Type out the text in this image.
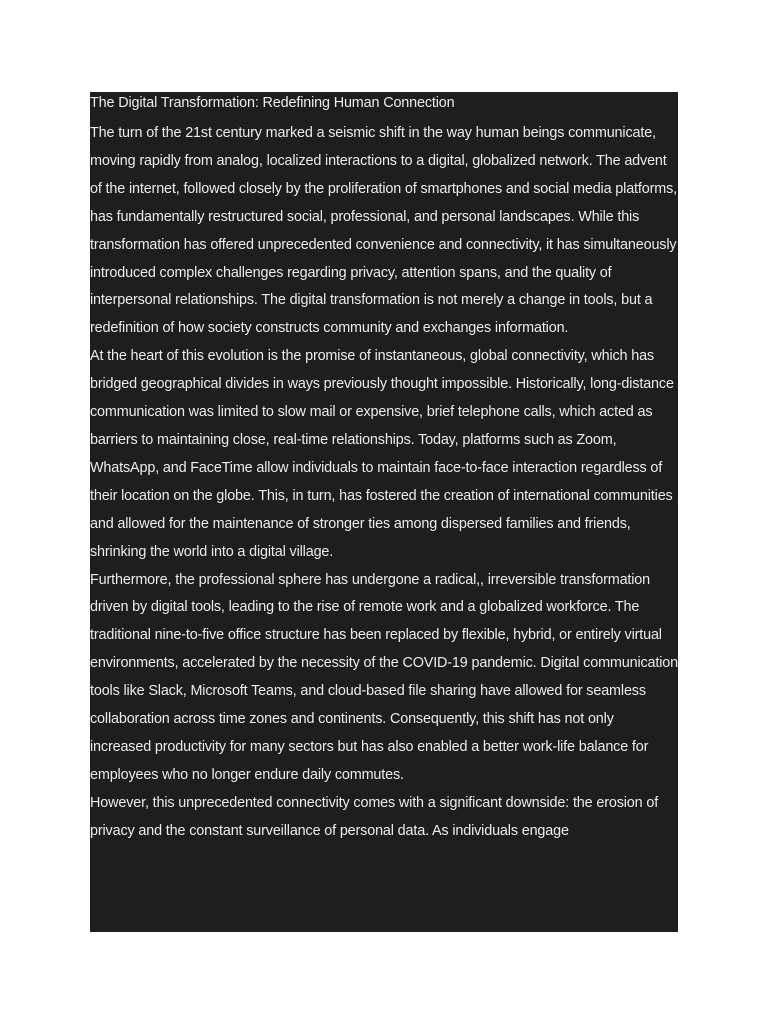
The Digital Transformation: Redefining Human Connection

The turn of the 21st century marked a seismic shift in the way human beings communicate, moving rapidly from analog, localized interactions to a digital, globalized network. The advent of the internet, followed closely by the proliferation of smartphones and social media platforms, has fundamentally restructured social, professional, and personal landscapes. While this transformation has offered unprecedented convenience and connectivity, it has simultaneously introduced complex challenges regarding privacy, attention spans, and the quality of interpersonal relationships. The digital transformation is not merely a change in tools, but a redefinition of how society constructs community and exchanges information.

At the heart of this evolution is the promise of instantaneous, global connectivity, which has bridged geographical divides in ways previously thought impossible. Historically, long-distance communication was limited to slow mail or expensive, brief telephone calls, which acted as barriers to maintaining close, real-time relationships. Today, platforms such as Zoom, WhatsApp, and FaceTime allow individuals to maintain face-to-face interaction regardless of their location on the globe. This, in turn, has fostered the creation of international communities and allowed for the maintenance of stronger ties among dispersed families and friends, shrinking the world into a digital village.

Furthermore, the professional sphere has undergone a radical,, irreversible transformation driven by digital tools, leading to the rise of remote work and a globalized workforce. The traditional nine-to-five office structure has been replaced by flexible, hybrid, or entirely virtual environments, accelerated by the necessity of the COVID-19 pandemic. Digital communication tools like Slack, Microsoft Teams, and cloud-based file sharing have allowed for seamless collaboration across time zones and continents. Consequently, this shift has not only increased productivity for many sectors but has also enabled a better work-life balance for employees who no longer endure daily commutes.

However, this unprecedented connectivity comes with a significant downside: the erosion of privacy and the constant surveillance of personal data. As individuals engage
